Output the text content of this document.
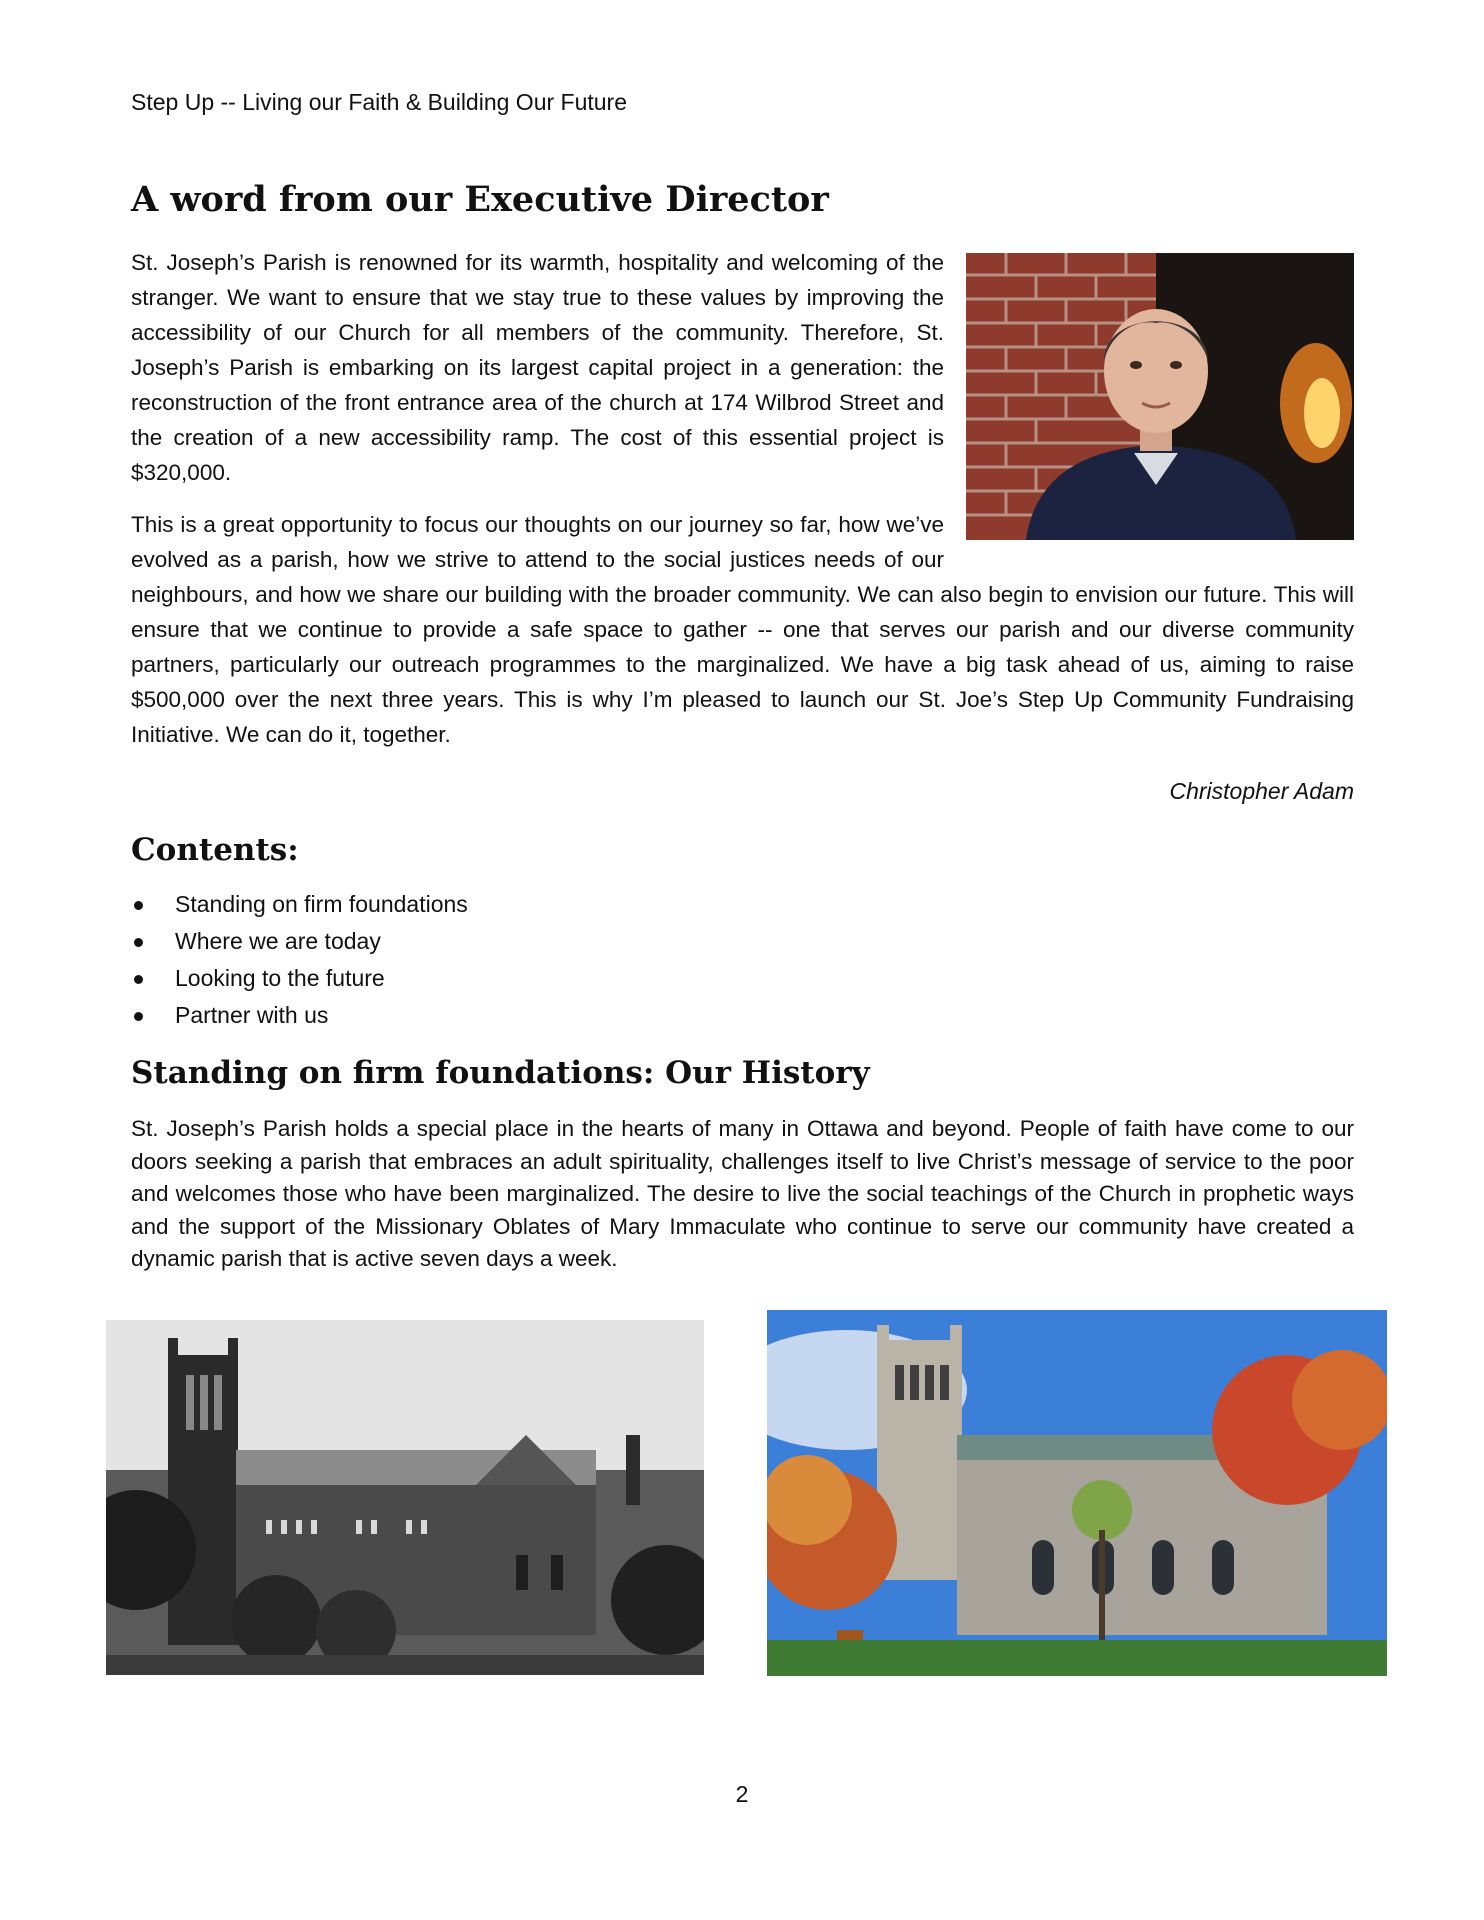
Step Up -- Living our Faith & Building Our Future
A word from our Executive Director

St. Joseph’s Parish is renowned for its warmth, hospitality and welcoming of the stranger. We want to ensure that we stay true to these values by improving the accessibility of our Church for all members of the community. Therefore, St. Joseph’s Parish is embarking on its largest capital project in a generation: the reconstruction of the front entrance area of the church at 174 Wilbrod Street and the creation of a new accessibility ramp. The cost of this essential project is $320,000.

This is a great opportunity to focus our thoughts on our journey so far, how we’ve evolved as a parish, how we strive to attend to the social justices needs of our neighbours, and how we share our building with the broader community. We can also begin to envision our future. This will ensure that we continue to provide a safe space to gather -- one that serves our parish and our diverse community partners, particularly our outreach programmes to the marginalized. We have a big task ahead of us, aiming to raise $500,000 over the next three years. This is why I’m pleased to launch our St. Joe’s Step Up Community Fundraising Initiative. We can do it, together.

Christopher Adam
Contents:
Standing on firm foundations
Where we are today
Looking to the future
Partner with us
Standing on firm foundations: Our History

St. Joseph’s Parish holds a special place in the hearts of many in Ottawa and beyond. People of faith have come to our doors seeking a parish that embraces an adult spirituality, challenges itself to live Christ’s message of service to the poor and welcomes those who have been marginalized. The desire to live the social teachings of the Church in prophetic ways and the support of the Missionary Oblates of Mary Immaculate who continue to serve our community have created a dynamic parish that is active seven days a week.

2
